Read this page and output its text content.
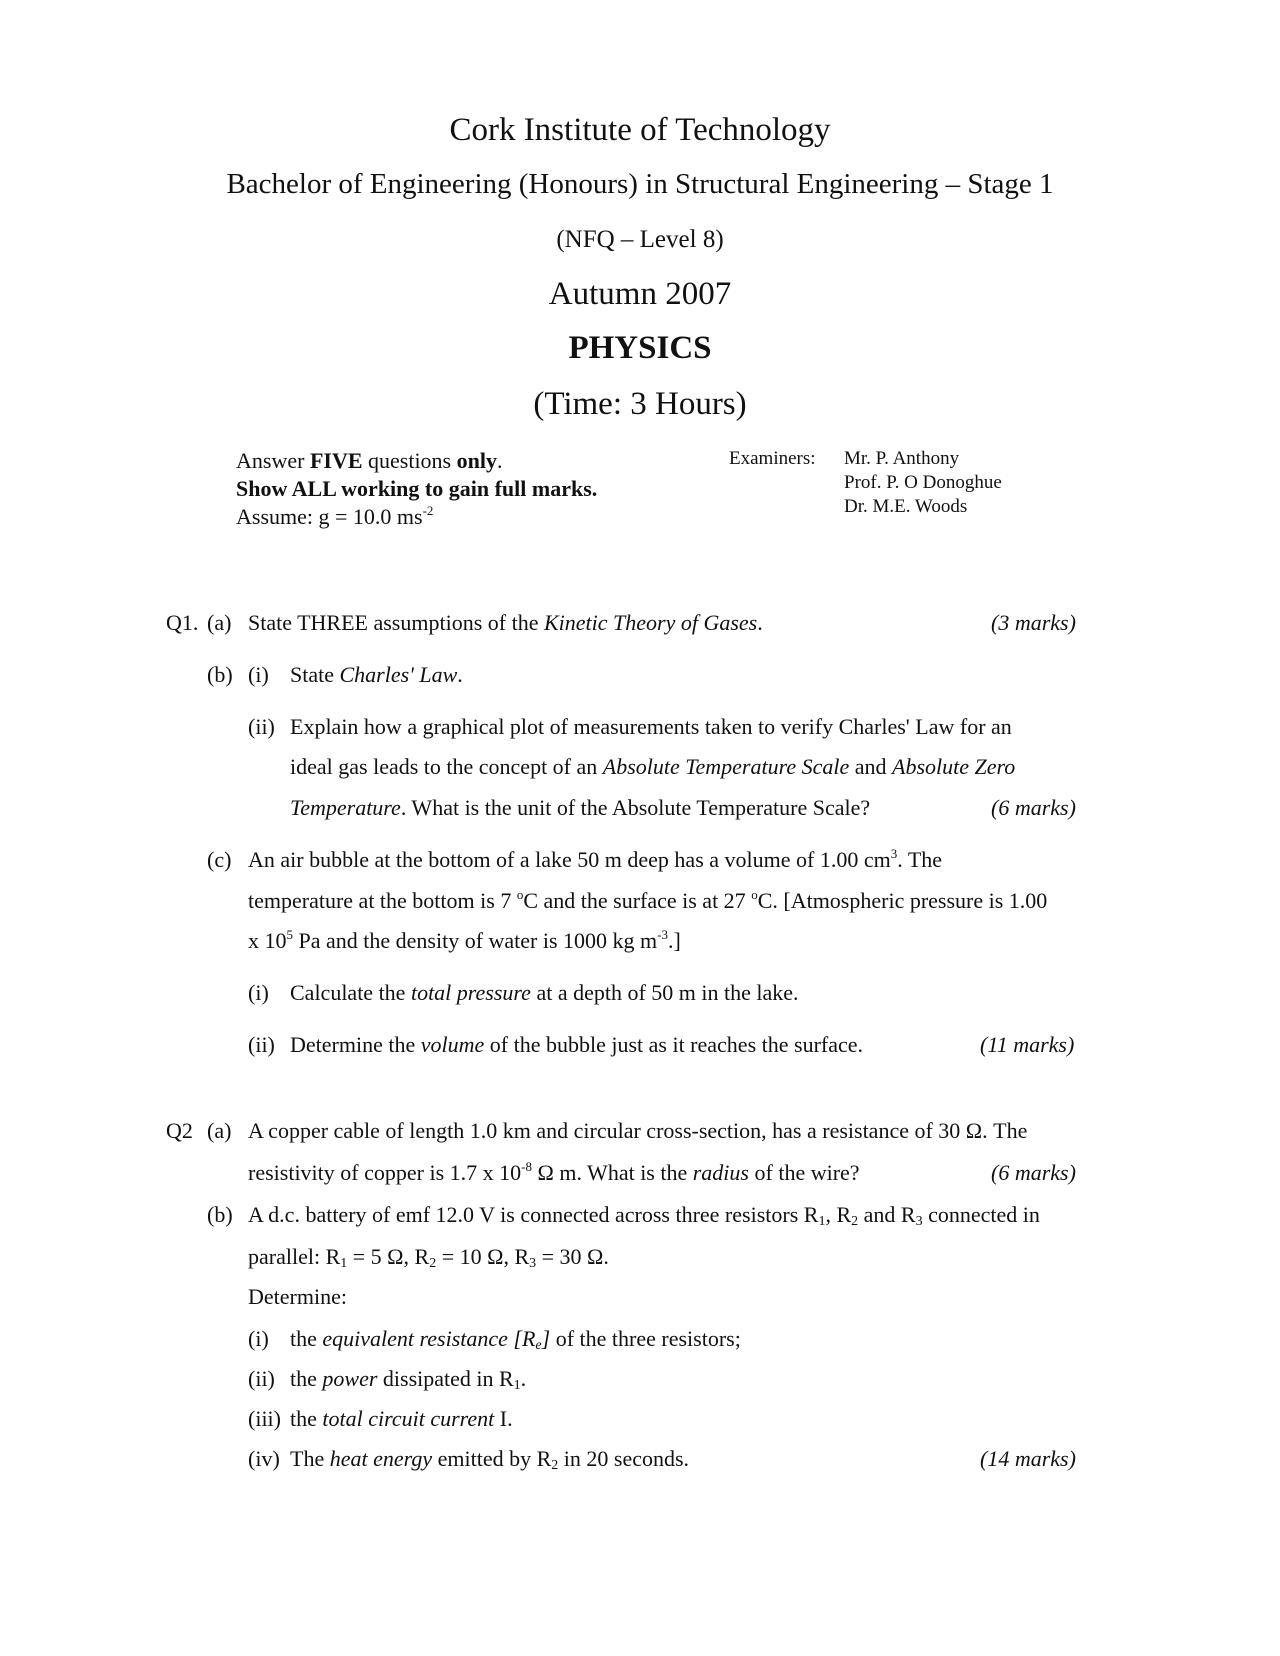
Cork Institute of Technology
Bachelor of Engineering (Honours) in Structural Engineering – Stage 1
(NFQ – Level 8)
Autumn 2007
PHYSICS
(Time: 3 Hours)
Answer FIVE questions only.
Show ALL working to gain full marks.
Assume: g = 10.0 $ms^{-2}$
Examiners: Mr. P. Anthony
Prof. P. O Donoghue
Dr. M.E. Woods
Q1. (a) State THREE assumptions of the Kinetic Theory of Gases.	(3 marks)
(b) (i) State Charles' Law.
(ii) Explain how a graphical plot of measurements taken to verify Charles' Law for an
ideal gas leads to the concept of an Absolute Temperature Scale and Absolute Zero
Temperature. What is the unit of the Absolute Temperature Scale?	(6 marks)
(c) An air bubble at the bottom of a lake 50 m deep has a volume of 1.00 $cm^3$. The
temperature at the bottom is 7 $^o$C and the surface is at 27 $^o$C. [Atmospheric pressure is 1.00
x $10^5$ Pa and the density of water is 1000 kg $m^{-3}$.]
(i) Calculate the total pressure at a depth of 50 m in the lake.
(ii) Determine the volume of the bubble just as it reaches the surface.	(11 marks)
Q2 (a) A copper cable of length 1.0 km and circular cross-section, has a resistance of 30 Ω. The
resistivity of copper is 1.7 x $10^{-8}$ Ω m. What is the radius of the wire?	(6 marks)
(b) A d.c. battery of emf 12.0 V is connected across three resistors $R_1$, $R_2$ and $R_3$ connected in
parallel: $R_1 = 5$ Ω, $R_2 = 10$ Ω, $R_3 = 30$ Ω.
Determine:
(i) the equivalent resistance $[R_e]$ of the three resistors;
(ii) the power dissipated in $R_1$.
(iii) the total circuit current I.
(iv) The heat energy emitted by $R_2$ in 20 seconds.	(14 marks)
